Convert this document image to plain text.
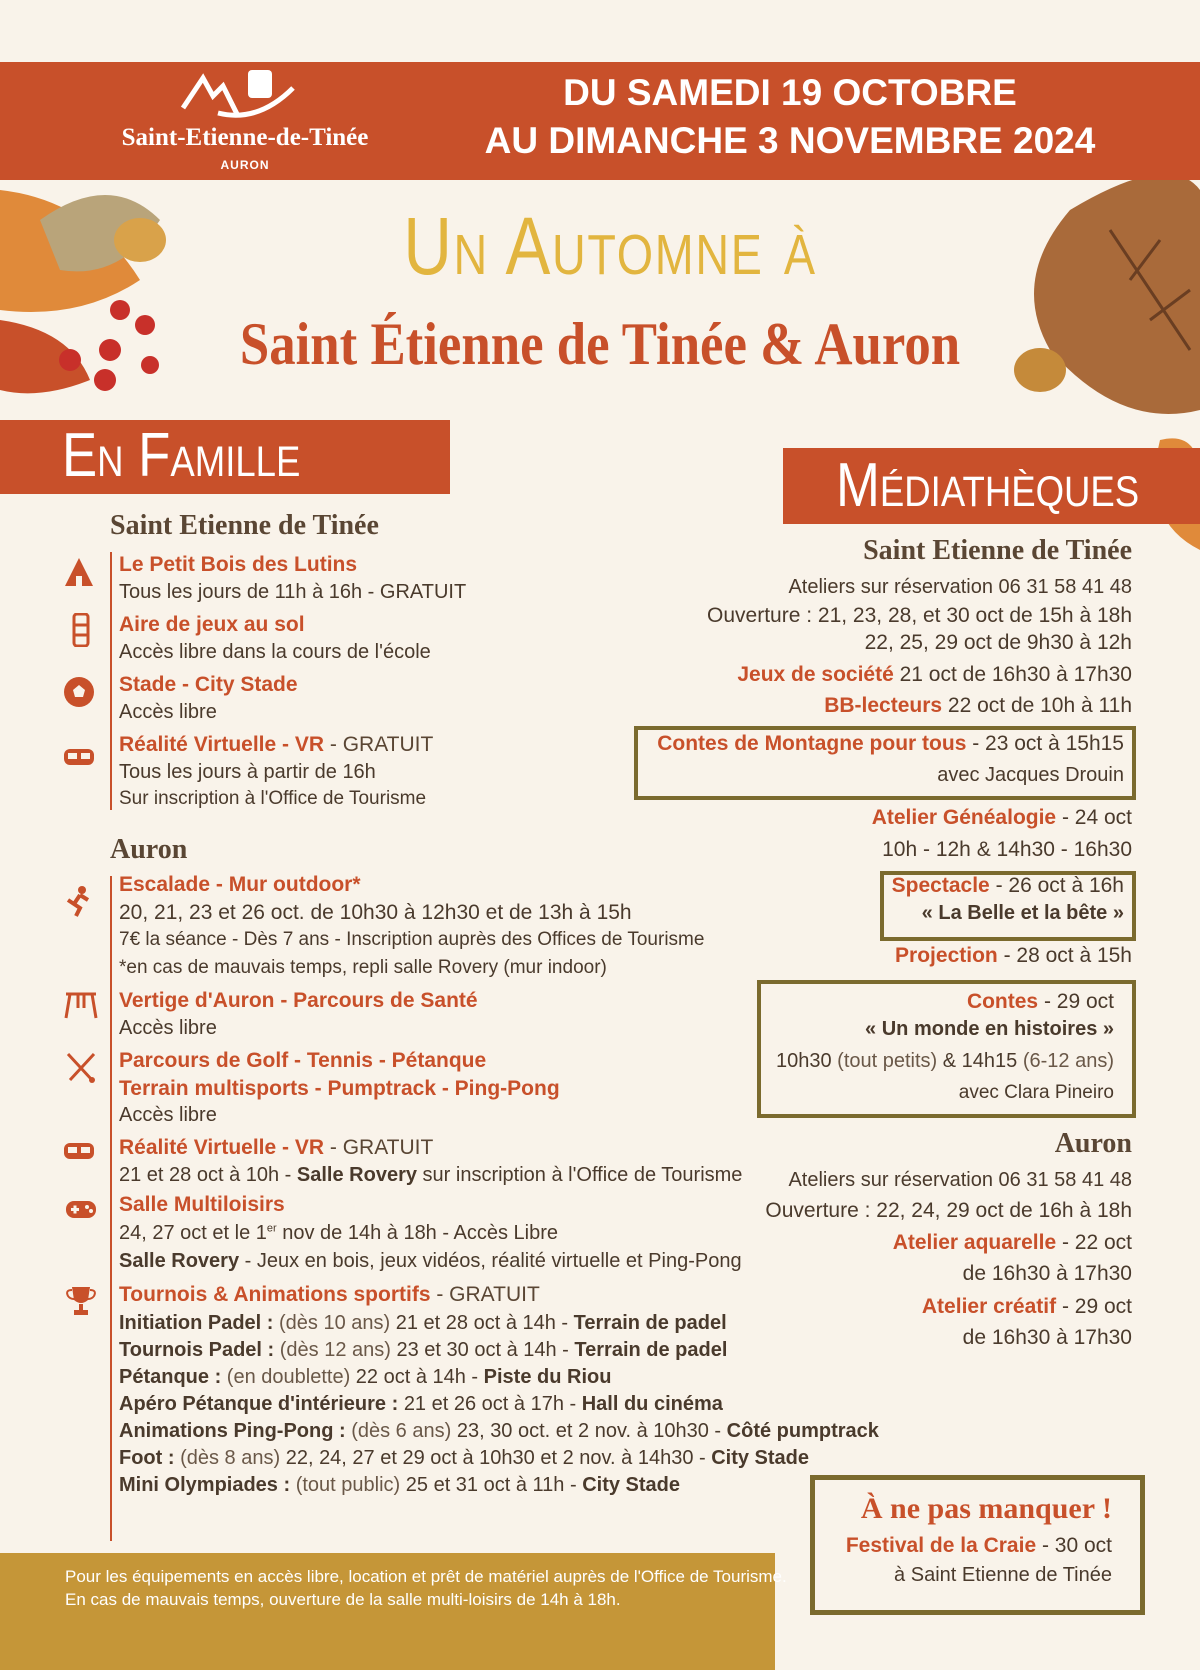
Saint-Etienne-de-Tinée
AURON
DU SAMEDI 19 OCTOBRE
AU DIMANCHE 3 NOVEMBRE 2024
Un Automne à
Saint Étienne de Tinée & Auron
En Famille	Médiathèques
Saint Etienne de Tinée
Le Petit Bois des Lutins
Tous les jours de 11h à 16h - GRATUIT
Aire de jeux au sol
Accès libre dans la cours de l'école
Stade - City Stade
Accès libre
Réalité Virtuelle - VR - GRATUIT
Tous les jours à partir de 16h
Sur inscription à l'Office de Tourisme
Auron
Escalade - Mur outdoor*
20, 21, 23 et 26 oct. de 10h30 à 12h30 et de 13h à 15h
7€ la séance - Dès 7 ans - Inscription auprès des Offices de Tourisme
*en cas de mauvais temps, repli salle Rovery (mur indoor)
Vertige d'Auron - Parcours de Santé
Accès libre
Parcours de Golf - Tennis - Pétanque
Terrain multisports - Pumptrack - Ping-Pong
Accès libre
Réalité Virtuelle - VR - GRATUIT
21 et 28 oct à 10h - Salle Rovery sur inscription à l'Office de Tourisme
Salle Multiloisirs
24, 27 oct et le 1er nov de 14h à 18h - Accès Libre
Salle Rovery - Jeux en bois, jeux vidéos, réalité virtuelle et Ping-Pong
Tournois & Animations sportifs - GRATUIT
Initiation Padel : (dès 10 ans) 21 et 28 oct à 14h - Terrain de padel
Tournois Padel : (dès 12 ans) 23 et 30 oct à 14h - Terrain de padel
Pétanque : (en doublette) 22 oct à 14h - Piste du Riou
Apéro Pétanque d'intérieure : 21 et 26 oct à 17h - Hall du cinéma
Animations Ping-Pong : (dès 6 ans) 23, 30 oct. et 2 nov. à 10h30 - Côté pumptrack
Foot : (dès 8 ans) 22, 24, 27 et 29 oct à 10h30 et 2 nov. à 14h30 - City Stade
Mini Olympiades : (tout public) 25 et 31 oct à 11h - City Stade
Saint Etienne de Tinée
Ateliers sur réservation 06 31 58 41 48
Ouverture : 21, 23, 28, et 30 oct de 15h à 18h
22, 25, 29 oct de 9h30 à 12h
Jeux de société 21 oct de 16h30 à 17h30
BB-lecteurs 22 oct de 10h à 11h
Contes de Montagne pour tous - 23 oct à 15h15
avec Jacques Drouin
Atelier Généalogie - 24 oct
10h - 12h & 14h30 - 16h30
Spectacle - 26 oct à 16h
« La Belle et la bête »
Projection - 28 oct à 15h
Contes - 29 oct
« Un monde en histoires »
10h30 (tout petits) & 14h15 (6-12 ans)
avec Clara Pineiro
Auron
Ateliers sur réservation 06 31 58 41 48
Ouverture : 22, 24, 29 oct de 16h à 18h
Atelier aquarelle - 22 oct
de 16h30 à 17h30
Atelier créatif - 29 oct
de 16h30 à 17h30
À ne pas manquer !
Festival de la Craie - 30 oct
à Saint Etienne de Tinée
Pour les équipements en accès libre, location et prêt de matériel auprès de l'Office de Tourisme.
En cas de mauvais temps, ouverture de la salle multi-loisirs de 14h à 18h.
